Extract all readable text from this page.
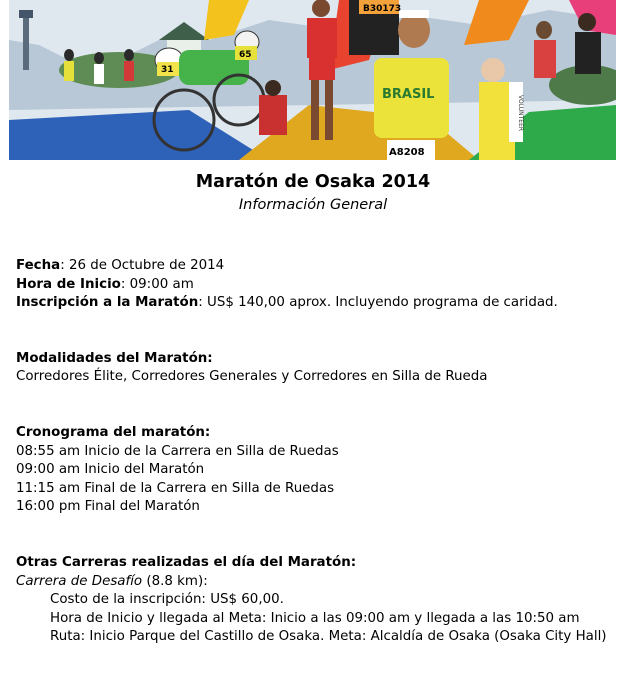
B30173
31
65
A8208
BRASIL
VOLUNTEER
Maratón de Osaka 2014
Información General
Fecha: 26 de Octubre de 2014
Hora de Inicio: 09:00 am
Inscripción a la Maratón: US$ 140,00 aprox. Incluyendo programa de caridad.
Modalidades del Maratón:
Corredores Élite, Corredores Generales y Corredores en Silla de Rueda
Cronograma del maratón:
08:55 am Inicio de la Carrera en Silla de Ruedas
09:00 am Inicio del Maratón
11:15 am Final de la Carrera en Silla de Ruedas
16:00 pm Final del Maratón
Otras Carreras realizadas el día del Maratón:
Carrera de Desafío (8.8 km):
Costo de la inscripción: US$ 60,00.
Hora de Inicio y llegada al Meta: Inicio a las 09:00 am y llegada a las 10:50 am
Ruta: Inicio Parque del Castillo de Osaka. Meta: Alcaldía de Osaka (Osaka City Hall)
